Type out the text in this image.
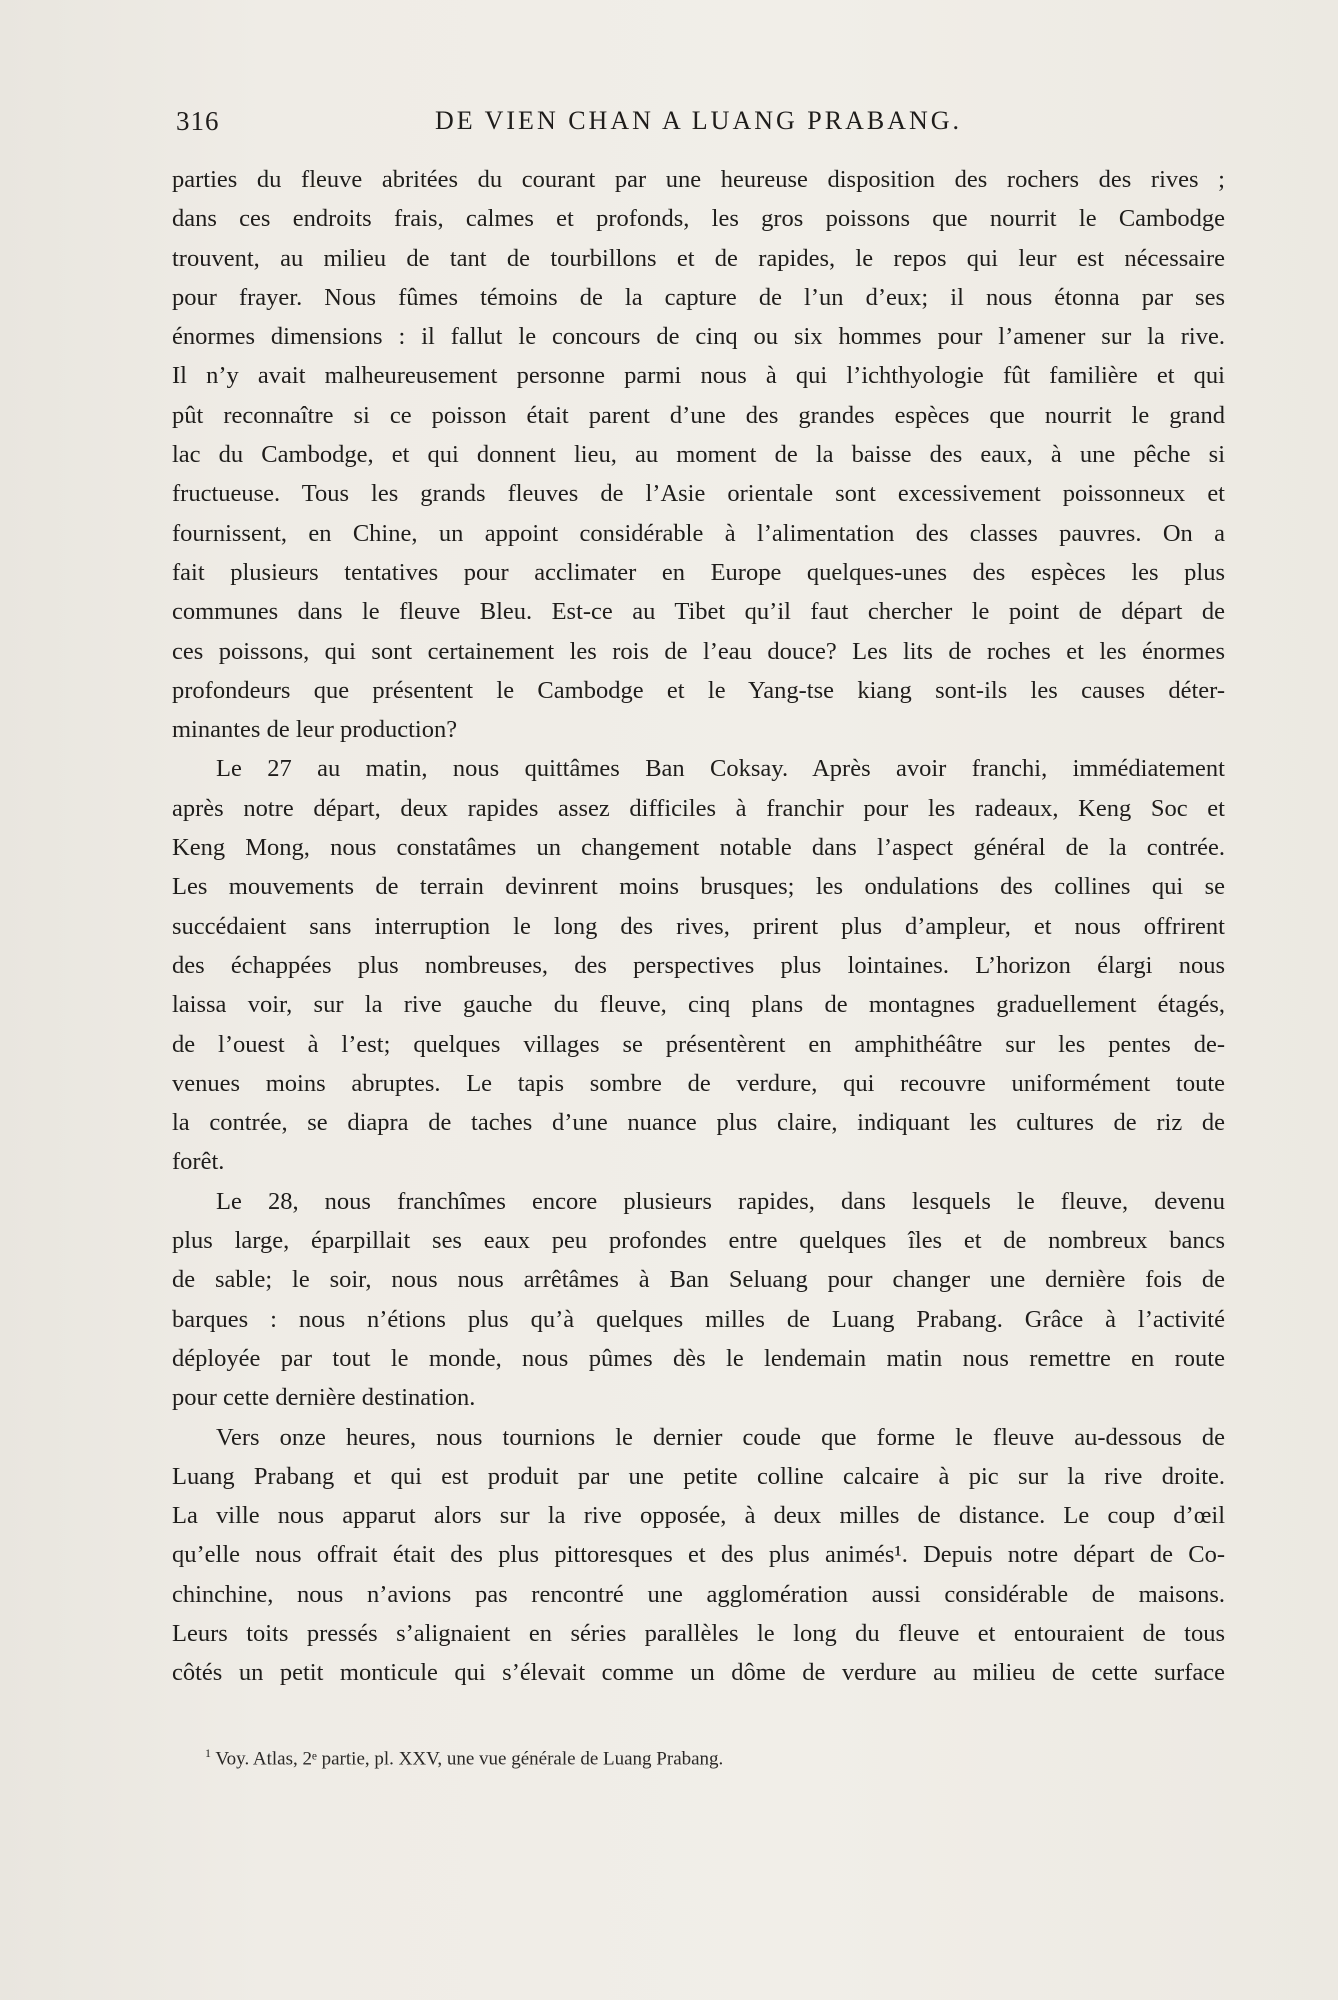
316	DE VIEN CHAN A LUANG PRABANG.
parties du fleuve abritées du courant par une heureuse disposition des rochers des rives ;
dans ces endroits frais, calmes et profonds, les gros poissons que nourrit le Cambodge
trouvent, au milieu de tant de tourbillons et de rapides, le repos qui leur est nécessaire
pour frayer. Nous fûmes témoins de la capture de l’un d’eux; il nous étonna par ses
énormes dimensions : il fallut le concours de cinq ou six hommes pour l’amener sur la rive.
Il n’y avait malheureusement personne parmi nous à qui l’ichthyologie fût familière et qui
pût reconnaître si ce poisson était parent d’une des grandes espèces que nourrit le grand
lac du Cambodge, et qui donnent lieu, au moment de la baisse des eaux, à une pêche si
fructueuse. Tous les grands fleuves de l’Asie orientale sont excessivement poissonneux et
fournissent, en Chine, un appoint considérable à l’alimentation des classes pauvres. On a
fait plusieurs tentatives pour acclimater en Europe quelques-unes des espèces les plus
communes dans le fleuve Bleu. Est-ce au Tibet qu’il faut chercher le point de départ de
ces poissons, qui sont certainement les rois de l’eau douce? Les lits de roches et les énormes
profondeurs que présentent le Cambodge et le Yang-tse kiang sont-ils les causes déter-
minantes de leur production?
Le 27 au matin, nous quittâmes Ban Coksay. Après avoir franchi, immédiatement
après notre départ, deux rapides assez difficiles à franchir pour les radeaux, Keng Soc et
Keng Mong, nous constatâmes un changement notable dans l’aspect général de la contrée.
Les mouvements de terrain devinrent moins brusques; les ondulations des collines qui se
succédaient sans interruption le long des rives, prirent plus d’ampleur, et nous offrirent
des échappées plus nombreuses, des perspectives plus lointaines. L’horizon élargi nous
laissa voir, sur la rive gauche du fleuve, cinq plans de montagnes graduellement étagés,
de l’ouest à l’est; quelques villages se présentèrent en amphithéâtre sur les pentes de-
venues moins abruptes. Le tapis sombre de verdure, qui recouvre uniformément toute
la contrée, se diapra de taches d’une nuance plus claire, indiquant les cultures de riz de
forêt.
Le 28, nous franchîmes encore plusieurs rapides, dans lesquels le fleuve, devenu
plus large, éparpillait ses eaux peu profondes entre quelques îles et de nombreux bancs
de sable; le soir, nous nous arrêtâmes à Ban Seluang pour changer une dernière fois de
barques : nous n’étions plus qu’à quelques milles de Luang Prabang. Grâce à l’activité
déployée par tout le monde, nous pûmes dès le lendemain matin nous remettre en route
pour cette dernière destination.
Vers onze heures, nous tournions le dernier coude que forme le fleuve au-dessous de
Luang Prabang et qui est produit par une petite colline calcaire à pic sur la rive droite.
La ville nous apparut alors sur la rive opposée, à deux milles de distance. Le coup d’œil
qu’elle nous offrait était des plus pittoresques et des plus animés¹. Depuis notre départ de Co-
chinchine, nous n’avions pas rencontré une agglomération aussi considérable de maisons.
Leurs toits pressés s’alignaient en séries parallèles le long du fleuve et entouraient de tous
côtés un petit monticule qui s’élevait comme un dôme de verdure au milieu de cette surface
$^1$ Voy. Atlas, 2ᵉ partie, pl. XXV, une vue générale de Luang Prabang.
